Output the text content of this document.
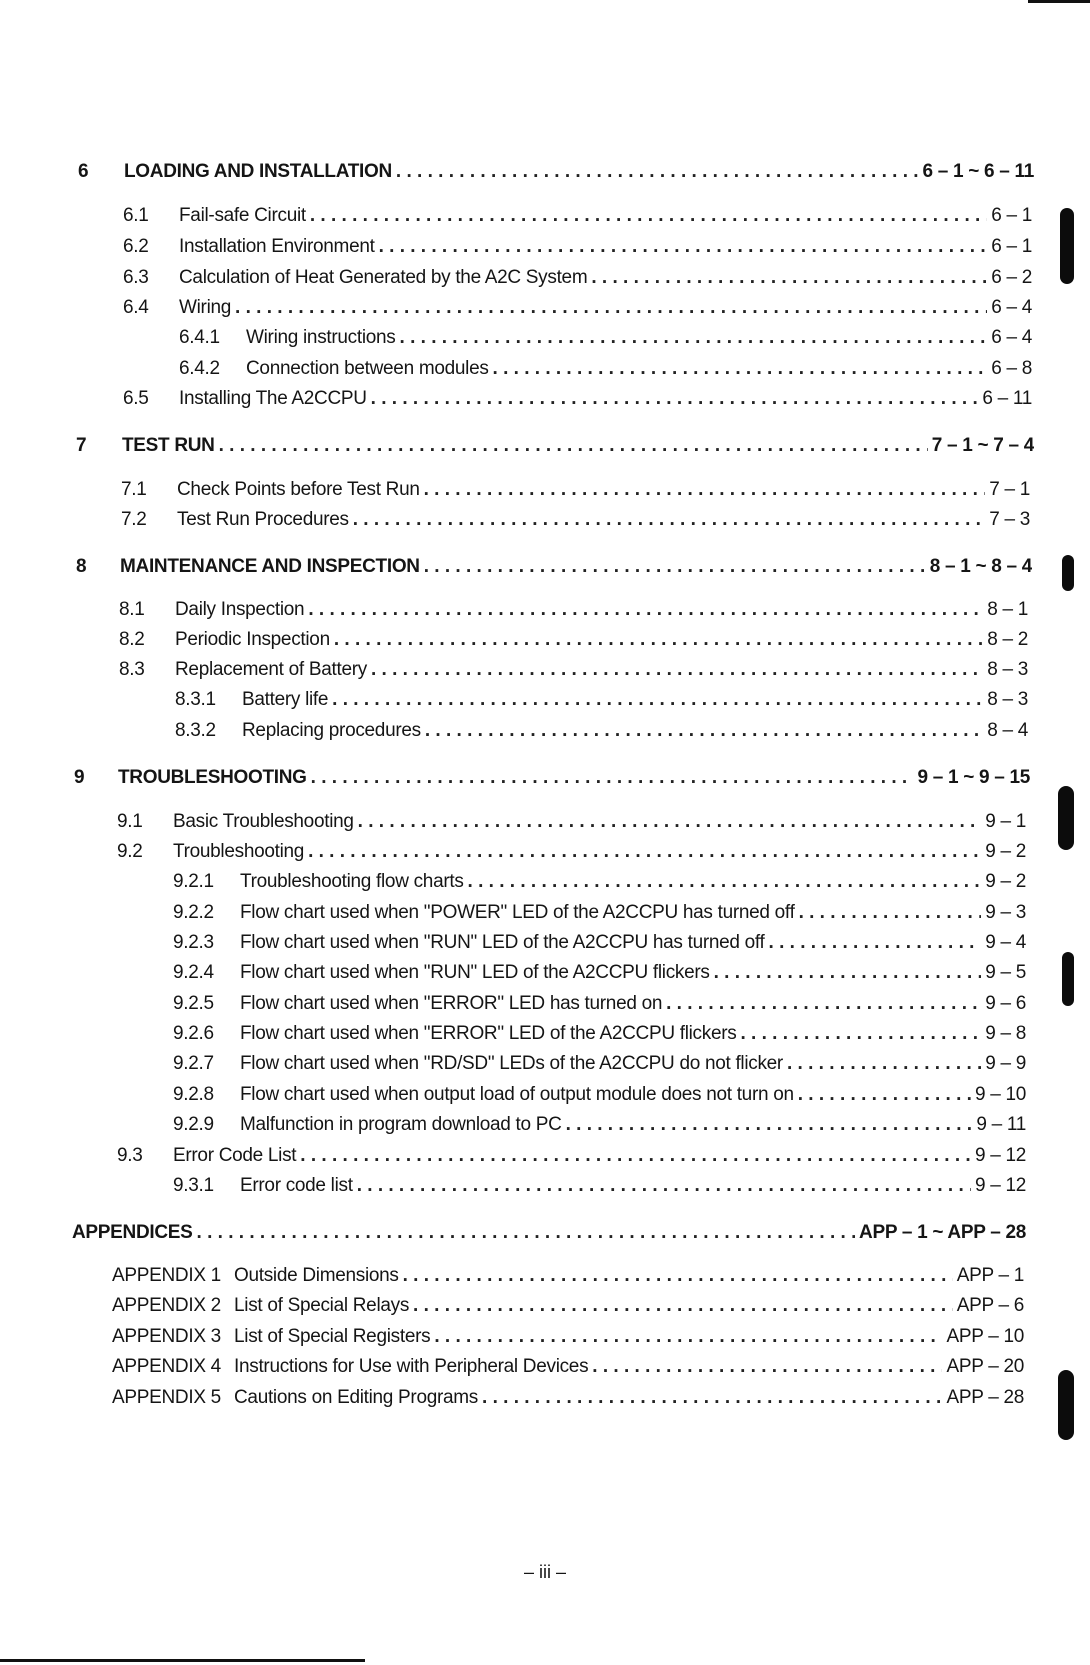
6	LOADING AND INSTALLATION . . .	6 – 1 ~ 6 – 11
6.1	Fail-safe Circuit . . .	6 – 1
6.2	Installation Environment . . .	6 – 1
6.3	Calculation of Heat Generated by the A2C System . . .	6 – 2
6.4	Wiring . . .	6 – 4
6.4.1	Wiring instructions . . .	6 – 4
6.4.2	Connection between modules . . .	6 – 8
6.5	Installing The A2CCPU . . .	6 – 11
7	TEST RUN . . .	7 – 1 ~ 7 – 4
7.1	Check Points before Test Run . . .	7 – 1
7.2	Test Run Procedures . . .	7 – 3
8	MAINTENANCE AND INSPECTION . . .	8 – 1 ~ 8 – 4
8.1	Daily Inspection . . .	8 – 1
8.2	Periodic Inspection . . .	8 – 2
8.3	Replacement of Battery . . .	8 – 3
8.3.1	Battery life . . .	8 – 3
8.3.2	Replacing procedures . . .	8 – 4
9	TROUBLESHOOTING . . .	9 – 1 ~ 9 – 15
9.1	Basic Troubleshooting . . .	9 – 1
9.2	Troubleshooting . . .	9 – 2
9.2.1	Troubleshooting flow charts . . .	9 – 2
9.2.2	Flow chart used when "POWER" LED of the A2CCPU has turned off . . .	9 – 3
9.2.3	Flow chart used when "RUN" LED of the A2CCPU has turned off . . .	9 – 4
9.2.4	Flow chart used when "RUN" LED of the A2CCPU flickers . . .	9 – 5
9.2.5	Flow chart used when "ERROR" LED has turned on . . .	9 – 6
9.2.6	Flow chart used when "ERROR" LED of the A2CCPU flickers . . .	9 – 8
9.2.7	Flow chart used when "RD/SD" LEDs of the A2CCPU do not flicker . . .	9 – 9
9.2.8	Flow chart used when output load of output module does not turn on . . .	9 – 10
9.2.9	Malfunction in program download to PC . . .	9 – 11
9.3	Error Code List . . .	9 – 12
9.3.1	Error code list . . .	9 – 12
APPENDICES . . .	APP – 1 ~ APP – 28
APPENDIX 1 Outside Dimensions . . .	APP – 1
APPENDIX 2 List of Special Relays . . .	APP – 6
APPENDIX 3 List of Special Registers . . .	APP – 10
APPENDIX 4 Instructions for Use with Peripheral Devices . . .	APP – 20
APPENDIX 5 Cautions on Editing Programs . . .	APP – 28
– iii –
